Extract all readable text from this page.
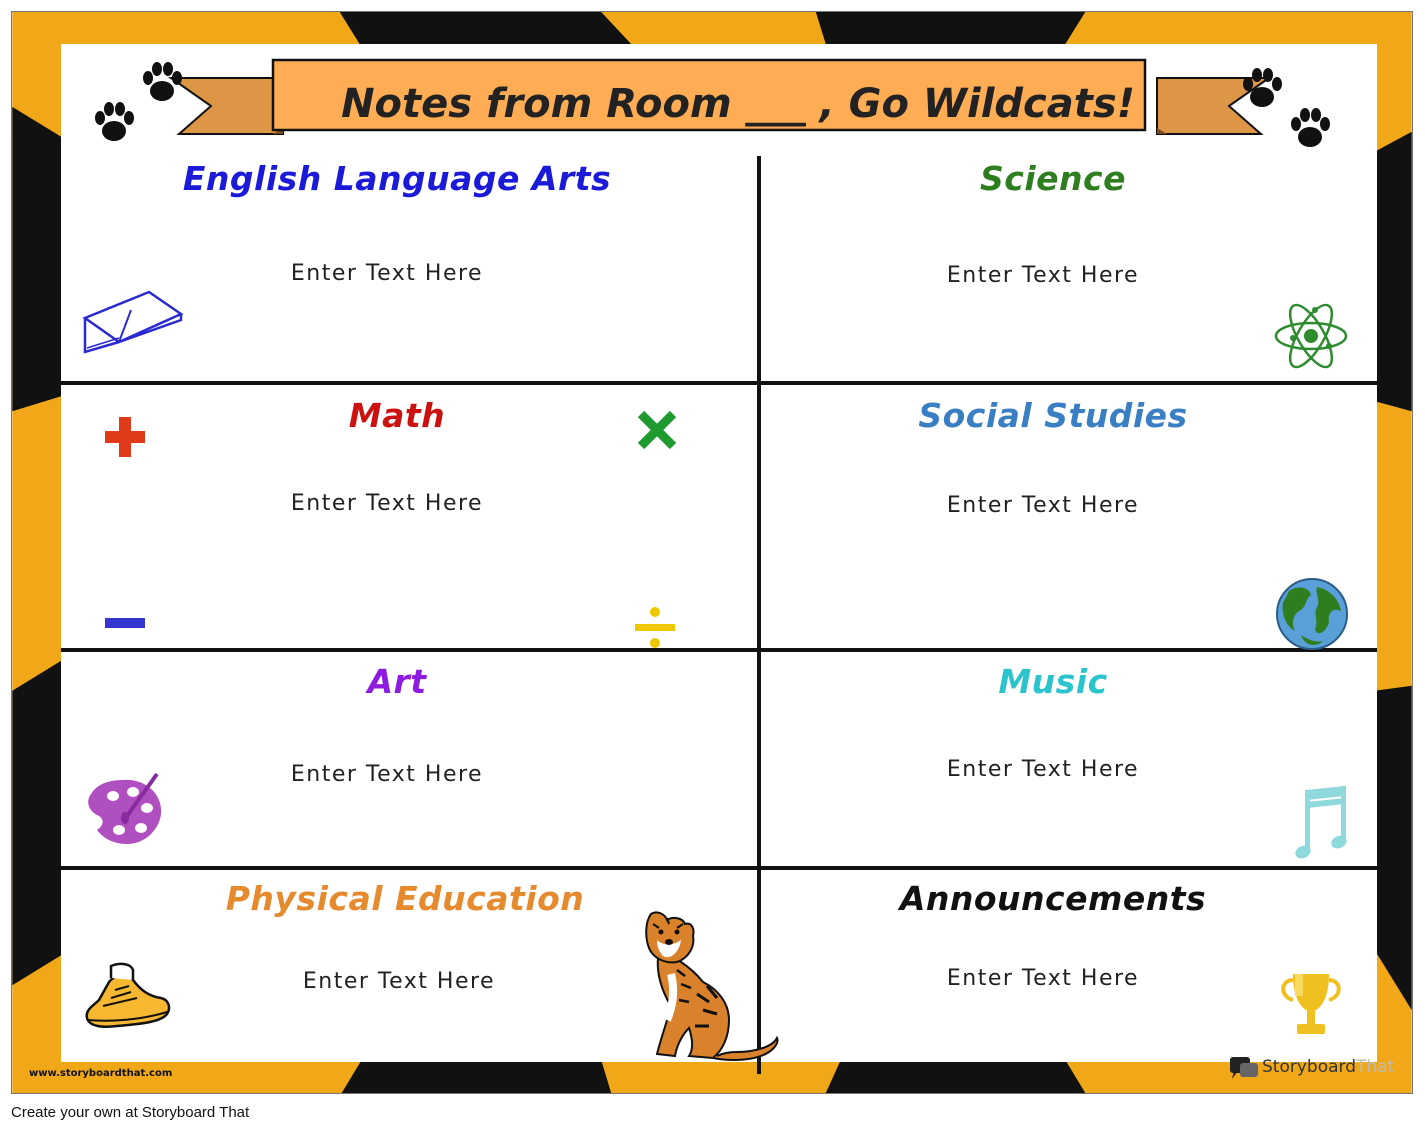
Notes from Room ___ , Go Wildcats!
English Language Arts
Enter Text Here
Science
Enter Text Here
Math
Enter Text Here
Social Studies
Enter Text Here
Art
Enter Text Here
Music
Enter Text Here
Physical Education
Enter Text Here
Announcements
Enter Text Here
www.storyboardthat.com	StoryboardThat
Create your own at Storyboard That
